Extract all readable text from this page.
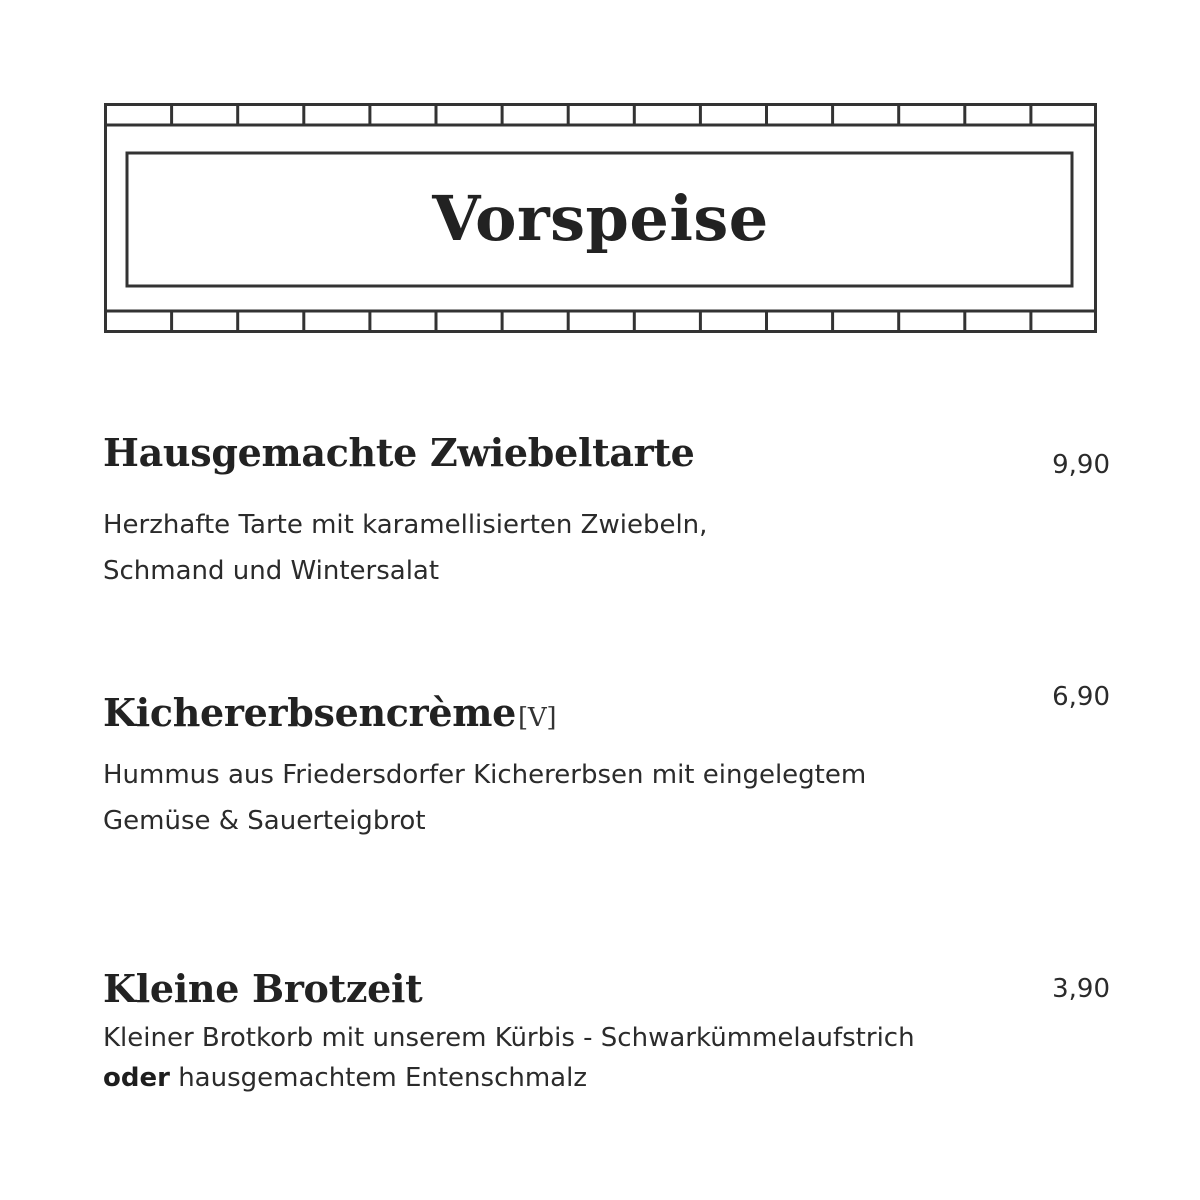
Vorspeise
Hausgemachte Zwiebeltarte	9,90

Herzhafte Tarte mit karamellisierten Zwiebeln,
Schmand und Wintersalat

Kichererbsencrème[V]
6,90

Hummus aus Friedersdorfer Kichererbsen mit eingelegtem
Gemüse & Sauerteigbrot

Kleine Brotzeit	3,90

Kleiner Brotkorb mit unserem Kürbis - Schwarkümmelaufstrich
oder hausgemachtem Entenschmalz
